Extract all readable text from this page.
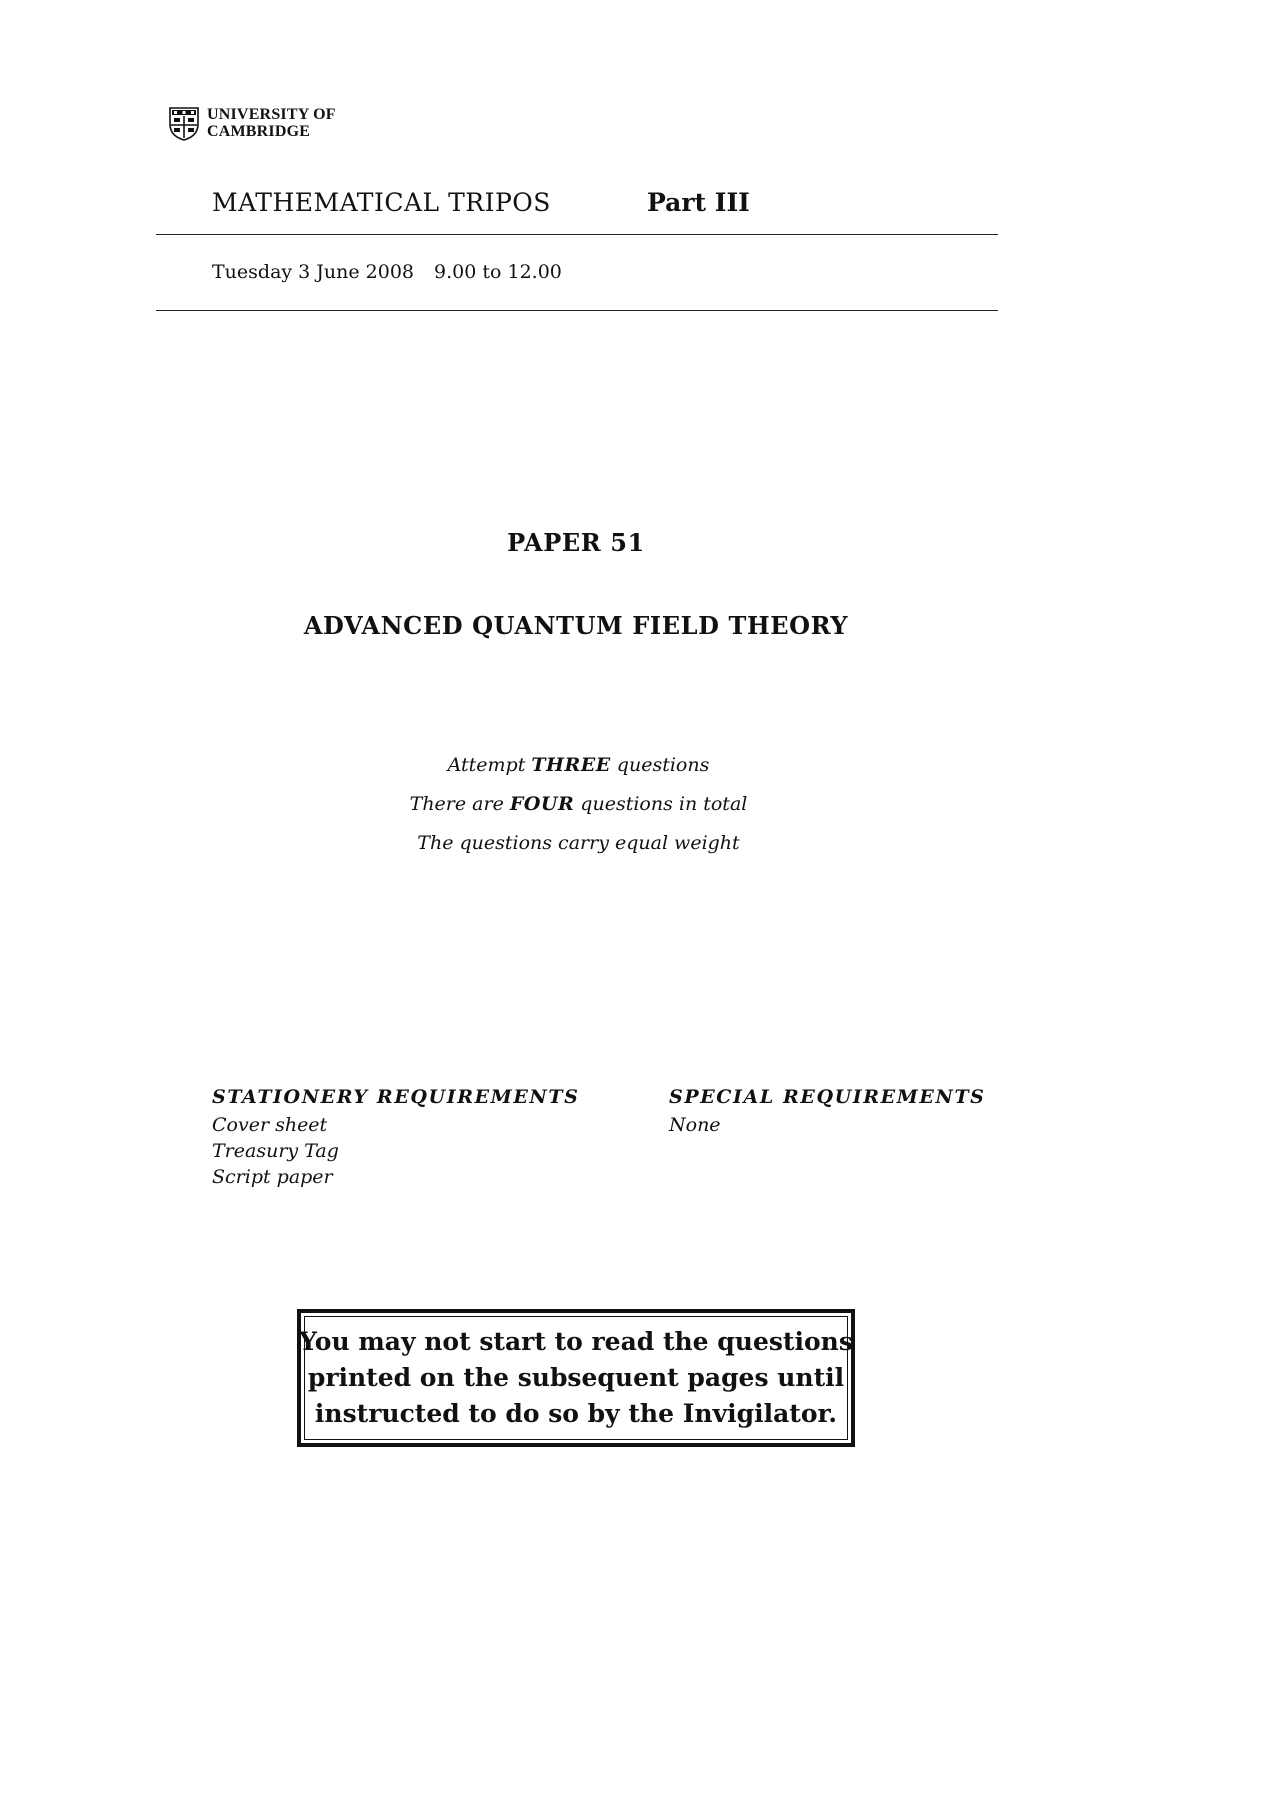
UNIVERSITY OF
CAMBRIDGE

MATHEMATICAL TRIPOS	Part III
Tuesday 3 June 2008 9.00 to 12.00
PAPER 51
ADVANCED QUANTUM FIELD THEORY
Attempt THREE questions
There are FOUR questions in total
The questions carry equal weight
STATIONERY REQUIREMENTS
Cover sheet
Treasury Tag
Script paper
SPECIAL REQUIREMENTS
None
You may not start to read the questions
printed on the subsequent pages until
instructed to do so by the Invigilator.
